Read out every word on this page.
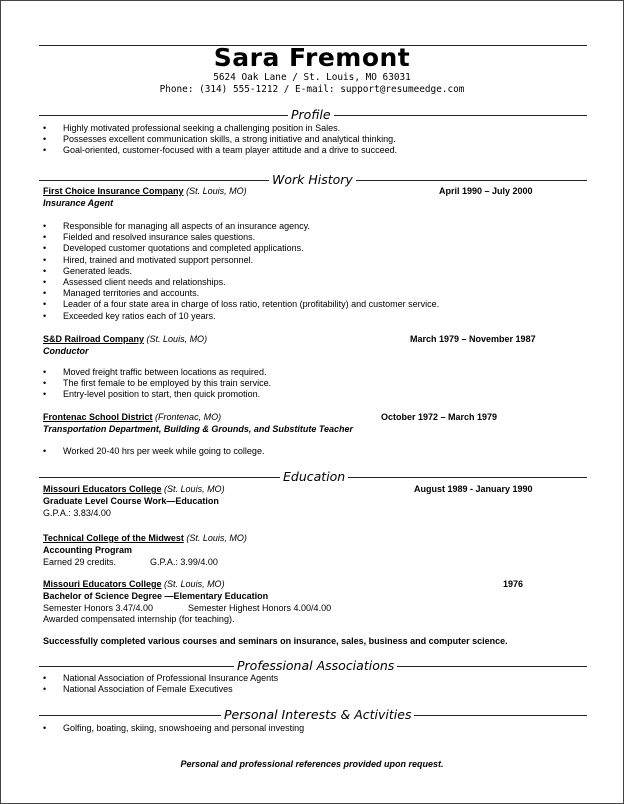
Sara Fremont
5624 Oak Lane / St. Louis, MO 63031
Phone: (314) 555-1212 / E-mail: support@resumeedge.com
Profile
• Highly motivated professional seeking a challenging position in Sales.
• Possesses excellent communication skills, a strong initiative and analytical thinking.
• Goal-oriented, customer-focused with a team player attitude and a drive to succeed.
Work History
First Choice Insurance Company (St. Louis, MO)	April 1990 – July 2000
Insurance Agent
• Responsible for managing all aspects of an insurance agency.
• Fielded and resolved insurance sales questions.
• Developed customer quotations and completed applications.
• Hired, trained and motivated support personnel.
• Generated leads.
• Assessed client needs and relationships.
• Managed territories and accounts.
• Leader of a four state area in charge of loss ratio, retention (profitability) and customer service.
• Exceeded key ratios each of 10 years.
S&D Railroad Company (St. Louis, MO)	March 1979 – November 1987
Conductor
• Moved freight traffic between locations as required.
• The first female to be employed by this train service.
• Entry-level position to start, then quick promotion.
Frontenac School District (Frontenac, MO)	October 1972 – March 1979
Transportation Department, Building & Grounds, and Substitute Teacher
• Worked 20-40 hrs per week while going to college.
Education
Missouri Educators College (St. Louis, MO)	August 1989 - January 1990
Graduate Level Course Work—Education
G.P.A.: 3.83/4.00
Technical College of the Midwest (St. Louis, MO)
Accounting Program
Earned 29 credits.	G.P.A.: 3.99/4.00
Missouri Educators College (St. Louis, MO)	1976
Bachelor of Science Degree —Elementary Education
Semester Honors 3.47/4.00	Semester Highest Honors 4.00/4.00
Awarded compensated internship (for teaching).
Successfully completed various courses and seminars on insurance, sales, business and computer science.
Professional Associations
• National Association of Professional Insurance Agents
• National Association of Female Executives
Personal Interests & Activities
• Golfing, boating, skiing, snowshoeing and personal investing
Personal and professional references provided upon request.
